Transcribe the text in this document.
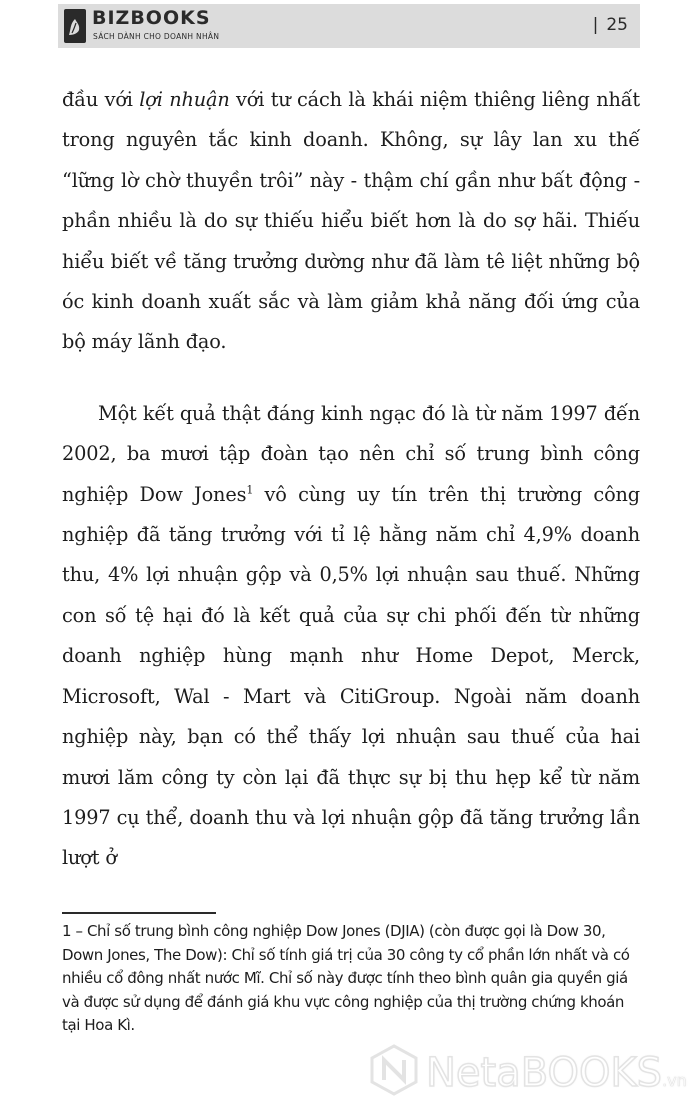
BIZBOOKS
SÁCH DÀNH CHO DOANH NHÂN
| 25

đầu với lợi nhuận với tư cách là khái niệm thiêng liêng nhất trong nguyên tắc kinh doanh. Không, sự lây lan xu thế “lững lờ chờ thuyền trôi” này - thậm chí gần như bất động - phần nhiều là do sự thiếu hiểu biết hơn là do sợ hãi. Thiếu hiểu biết về tăng trưởng dường như đã làm tê liệt những bộ óc kinh doanh xuất sắc và làm giảm khả năng đối ứng của bộ máy lãnh đạo.

Một kết quả thật đáng kinh ngạc đó là từ năm 1997 đến 2002, ba mươi tập đoàn tạo nên chỉ số trung bình công nghiệp Dow Jones$^1$ vô cùng uy tín trên thị trường công nghiệp đã tăng trưởng với tỉ lệ hằng năm chỉ 4,9% doanh thu, 4% lợi nhuận gộp và 0,5% lợi nhuận sau thuế. Những con số tệ hại đó là kết quả của sự chi phối đến từ những doanh nghiệp hùng mạnh như Home Depot, Merck, Microsoft, Wal - Mart và CitiGroup. Ngoài năm doanh nghiệp này, bạn có thể thấy lợi nhuận sau thuế của hai mươi lăm công ty còn lại đã thực sự bị thu hẹp kể từ năm 1997 cụ thể, doanh thu và lợi nhuận gộp đã tăng trưởng lần lượt ở

1 – Chỉ số trung bình công nghiệp Dow Jones (DJIA) (còn được gọi là Dow 30, Down Jones, The Dow): Chỉ số tính giá trị của 30 công ty cổ phần lớn nhất và có nhiều cổ đông nhất nước Mĩ. Chỉ số này được tính theo bình quân gia quyền giá và được sử dụng để đánh giá khu vực công nghiệp của thị trường chứng khoán tại Hoa Kì.
NetaBOOKS.vn
